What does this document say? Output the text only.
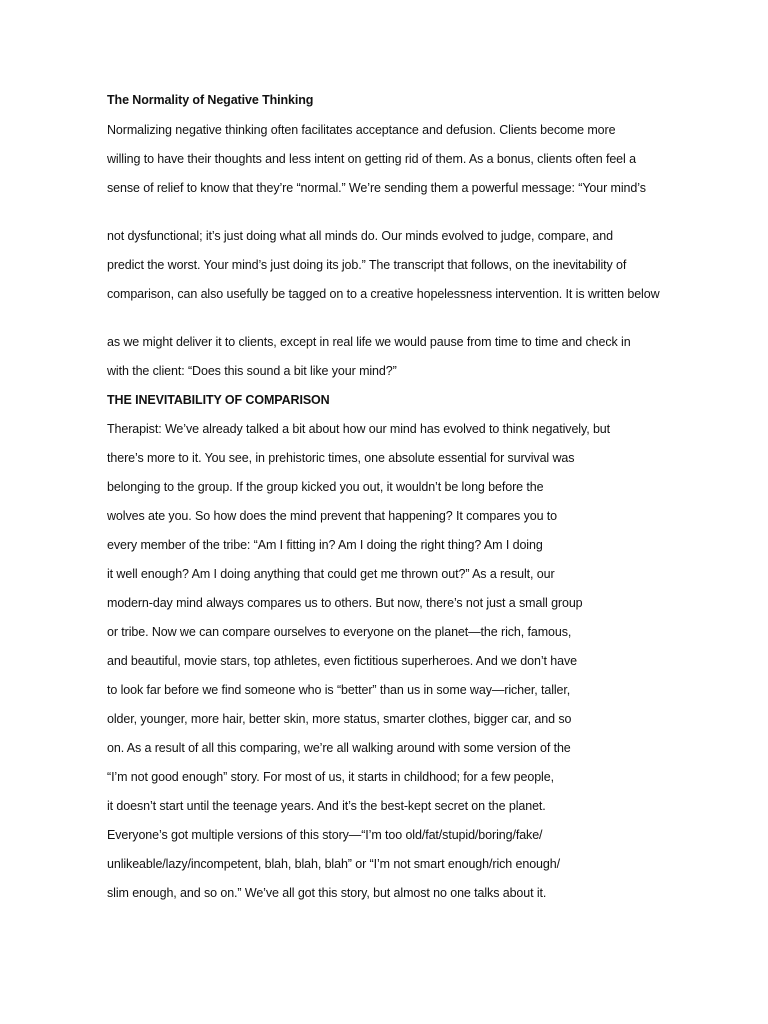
The Normality of Negative Thinking
Normalizing negative thinking often facilitates acceptance and defusion. Clients become more
willing to have their thoughts and less intent on getting rid of them. As a bonus, clients often feel a
sense of relief to know that they’re “normal.” We’re sending them a powerful message: “Your mind’s
not dysfunctional; it’s just doing what all minds do. Our minds evolved to judge, compare, and
predict the worst. Your mind’s just doing its job.” The transcript that follows, on the inevitability of
comparison, can also usefully be tagged on to a creative hopelessness intervention. It is written below
as we might deliver it to clients, except in real life we would pause from time to time and check in
with the client: “Does this sound a bit like your mind?”
THE INEVITABILITY OF COMPARISON
Therapist: We’ve already talked a bit about how our mind has evolved to think negatively, but
there’s more to it. You see, in prehistoric times, one absolute essential for survival was
belonging to the group. If the group kicked you out, it wouldn’t be long before the
wolves ate you. So how does the mind prevent that happening? It compares you to
every member of the tribe: “Am I fitting in? Am I doing the right thing? Am I doing
it well enough? Am I doing anything that could get me thrown out?” As a result, our
modern-day mind always compares us to others. But now, there’s not just a small group
or tribe. Now we can compare ourselves to everyone on the planet—the rich, famous,
and beautiful, movie stars, top athletes, even fictitious superheroes. And we don’t have
to look far before we find someone who is “better” than us in some way—richer, taller,
older, younger, more hair, better skin, more status, smarter clothes, bigger car, and so
on. As a result of all this comparing, we’re all walking around with some version of the
“I’m not good enough” story. For most of us, it starts in childhood; for a few people,
it doesn’t start until the teenage years. And it’s the best-kept secret on the planet.
Everyone’s got multiple versions of this story—“I’m too old/fat/stupid/boring/fake/
unlikeable/lazy/incompetent, blah, blah, blah” or “I’m not smart enough/rich enough/
slim enough, and so on.” We’ve all got this story, but almost no one talks about it.
